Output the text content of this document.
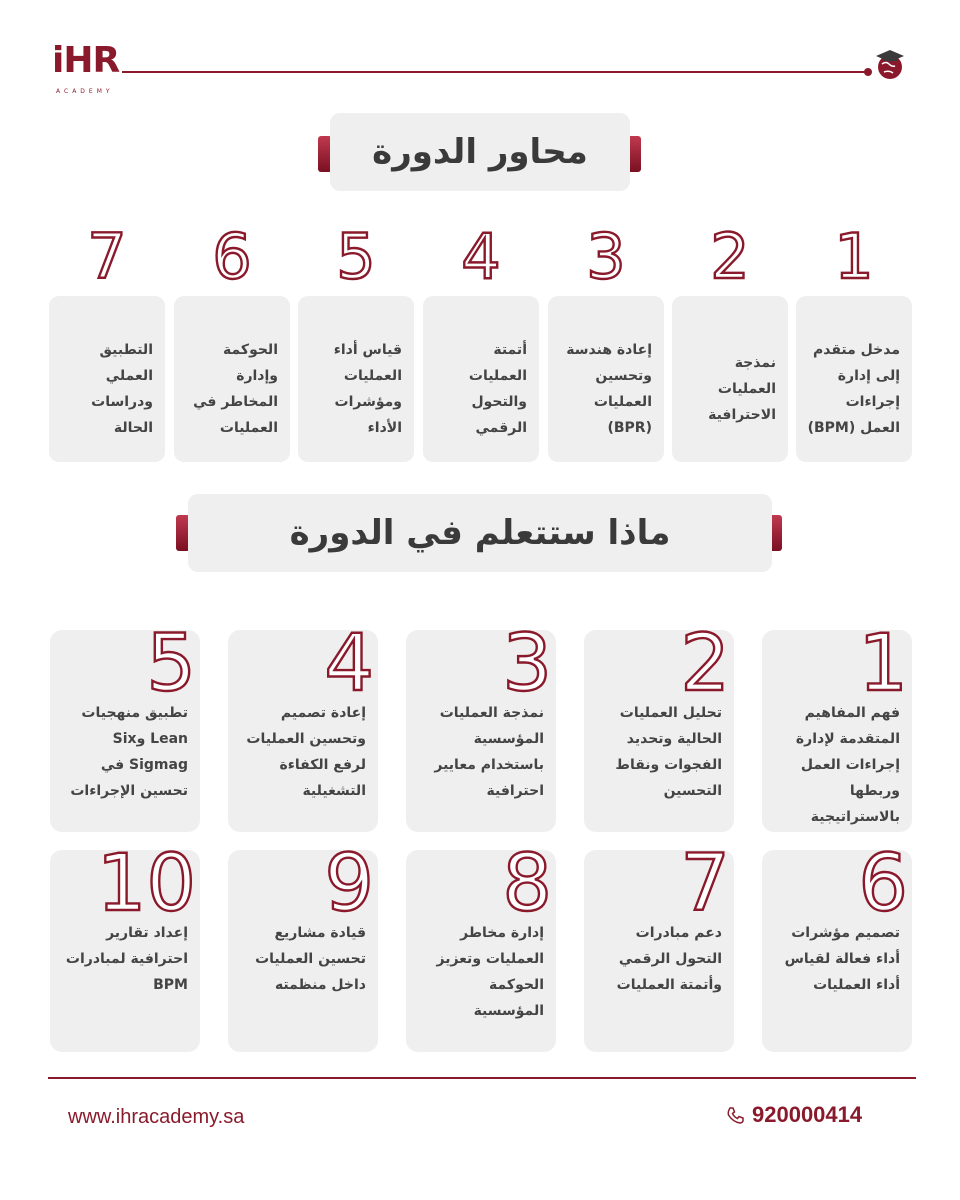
iHR
ACADEMY
محاور الدورة
1
2
3
4
5
6
7
مدخل متقدم إلى إدارة إجراءات العمل (BPM)
نمذجة العمليات الاحترافية
إعادة هندسة وتحسين العمليات (BPR)
أتمتة العمليات والتحول الرقمي
قياس أداء العمليات ومؤشرات الأداء
الحوكمة وإدارة المخاطر في العمليات
التطبيق العملي ودراسات الحالة
ماذا ستتعلم في الدورة
1
فهم المفاهيم المتقدمة لإدارة إجراءات العمل وربطها بالاستراتيجية
2
تحليل العمليات الحالية وتحديد الفجوات ونقاط التحسين
3
نمذجة العمليات المؤسسية باستخدام معايير احترافية
4
إعادة تصميم وتحسين العمليات لرفع الكفاءة التشغيلية
5
تطبيق منهجيات Lean وSix Sigmag في تحسين الإجراءات
6
تصميم مؤشرات أداء فعالة لقياس أداء العمليات
7
دعم مبادرات التحول الرقمي وأتمتة العمليات
8
إدارة مخاطر العمليات وتعزيز الحوكمة المؤسسية
9
قيادة مشاريع تحسين العمليات داخل منظمته
10
إعداد تقارير احترافية لمبادرات BPM
www.ihracademy.sa	920000414
